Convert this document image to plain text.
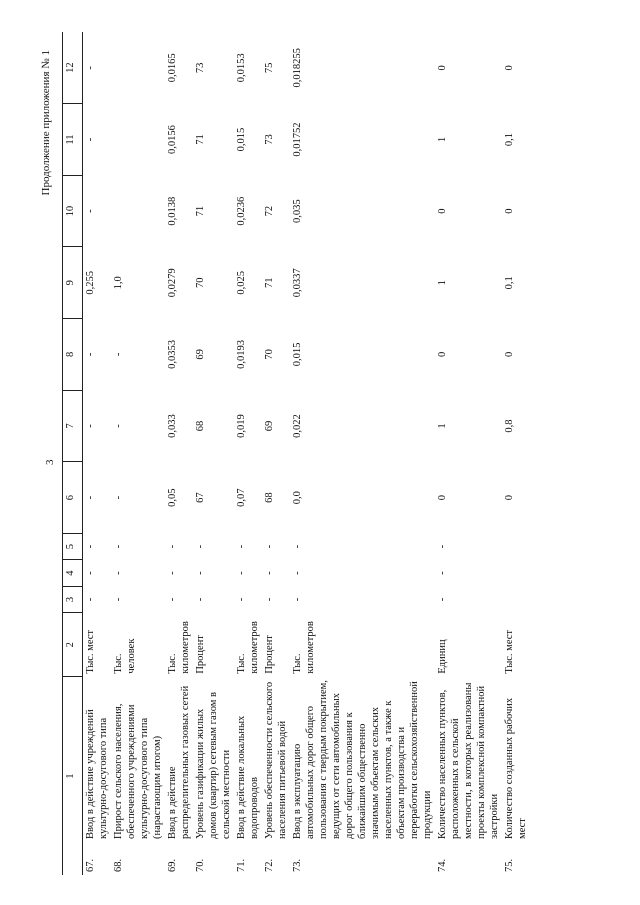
3
Продолжение приложения № 1
1		2	3	4	5	6	7	8	9	10	11	12
67.	Ввод в действие учреждений культурно-досугового типа	Тыс. мест	-	-	-	-	-	-	0,255	-	-	-
68.	Прирост сельского населения, обеспеченного учреждениями культурно-досугового типа (нарастающим итогом)	Тыс. человек	-	-	-	-	-	-	1,0			
69.	Ввод в действие распределительных газовых сетей	Тыс. километров	-	-	-	0,05	0,033	0,0353	0,0279	0,0138	0,0156	0,0165
70.	Уровень газификации жилых домов (квартир) сетевым газом в сельской местности	Процент	-	-	-	67	68	69	70	71	71	73
71.	Ввод в действие локальных водопроводов	Тыс. километров	-	-	-	0,07	0,019	0,0193	0,025	0,0236	0,015	0,0153
72.	Уровень обеспеченности сельского населения питьевой водой	Процент	-	-	-	68	69	70	71	72	73	75
73.	Ввод в эксплуатацию автомобильных дорог общего пользования с твердым покрытием, ведущих от сети автомобильных дорог общего пользования к ближайшим общественно значимым объектам сельских населенных пунктов, а также к объектам производства и переработки сельскохозяйственной продукции	Тыс. километров	-	-	-	0,0	0,022	0,015	0,0337	0,035	0,01752	0,018255
74.	Количество населенных пунктов, расположенных в сельской местности, в которых реализованы проекты комплексной компактной застройки	Единиц	-	-	-	0	1	0	1	0	1	0
75.	Количество созданных рабочих мест	Тыс. мест				0	0,8	0	0,1	0	0,1	0
